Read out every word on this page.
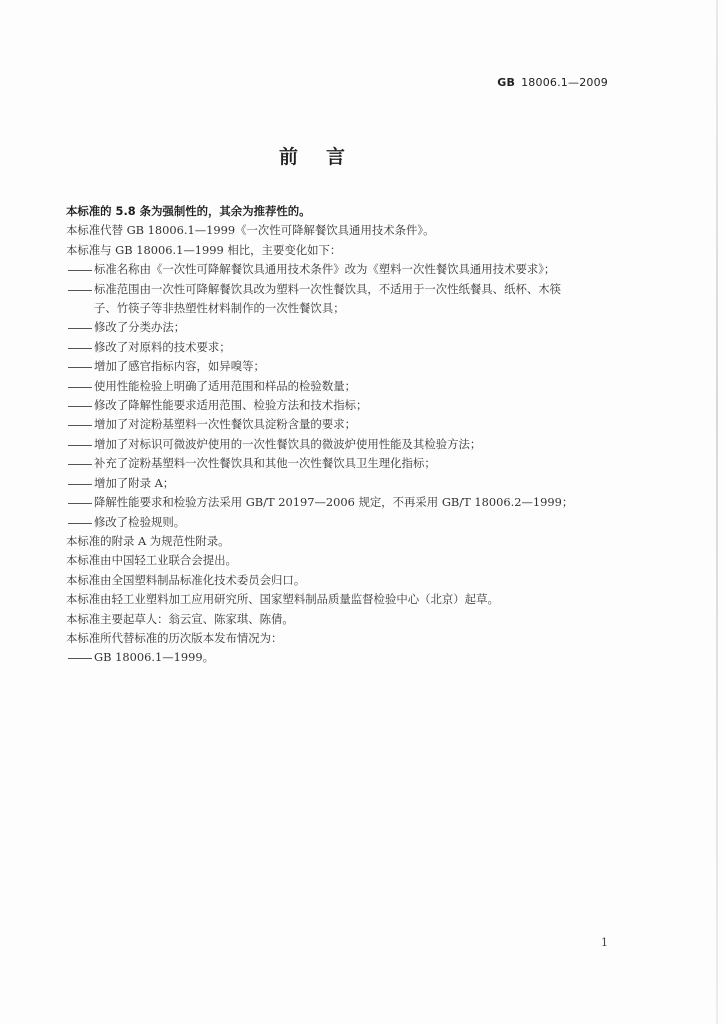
GB 18006.1—2009
前言
本标准的 5.8 条为强制性的，其余为推荐性的。
本标准代替 GB 18006.1—1999《一次性可降解餐饮具通用技术条件》。
本标准与 GB 18006.1—1999 相比，主要变化如下：
标准名称由《一次性可降解餐饮具通用技术条件》改为《塑料一次性餐饮具通用技术要求》；
标准范围由一次性可降解餐饮具改为塑料一次性餐饮具，不适用于一次性纸餐具、纸杯、木筷
子、竹筷子等非热塑性材料制作的一次性餐饮具；
修改了分类办法；
修改了对原料的技术要求；
增加了感官指标内容，如异嗅等；
使用性能检验上明确了适用范围和样品的检验数量；
修改了降解性能要求适用范围、检验方法和技术指标；
增加了对淀粉基塑料一次性餐饮具淀粉含量的要求；
增加了对标识可微波炉使用的一次性餐饮具的微波炉使用性能及其检验方法；
补充了淀粉基塑料一次性餐饮具和其他一次性餐饮具卫生理化指标；
增加了附录 A；
降解性能要求和检验方法采用 GB/T 20197—2006 规定，不再采用 GB/T 18006.2—1999；
修改了检验规则。
本标准的附录 A 为规范性附录。
本标准由中国轻工业联合会提出。
本标准由全国塑料制品标准化技术委员会归口。
本标准由轻工业塑料加工应用研究所、国家塑料制品质量监督检验中心（北京）起草。
本标准主要起草人：翁云宣、陈家琪、陈倩。
本标准所代替标准的历次版本发布情况为：
GB 18006.1—1999。
1
